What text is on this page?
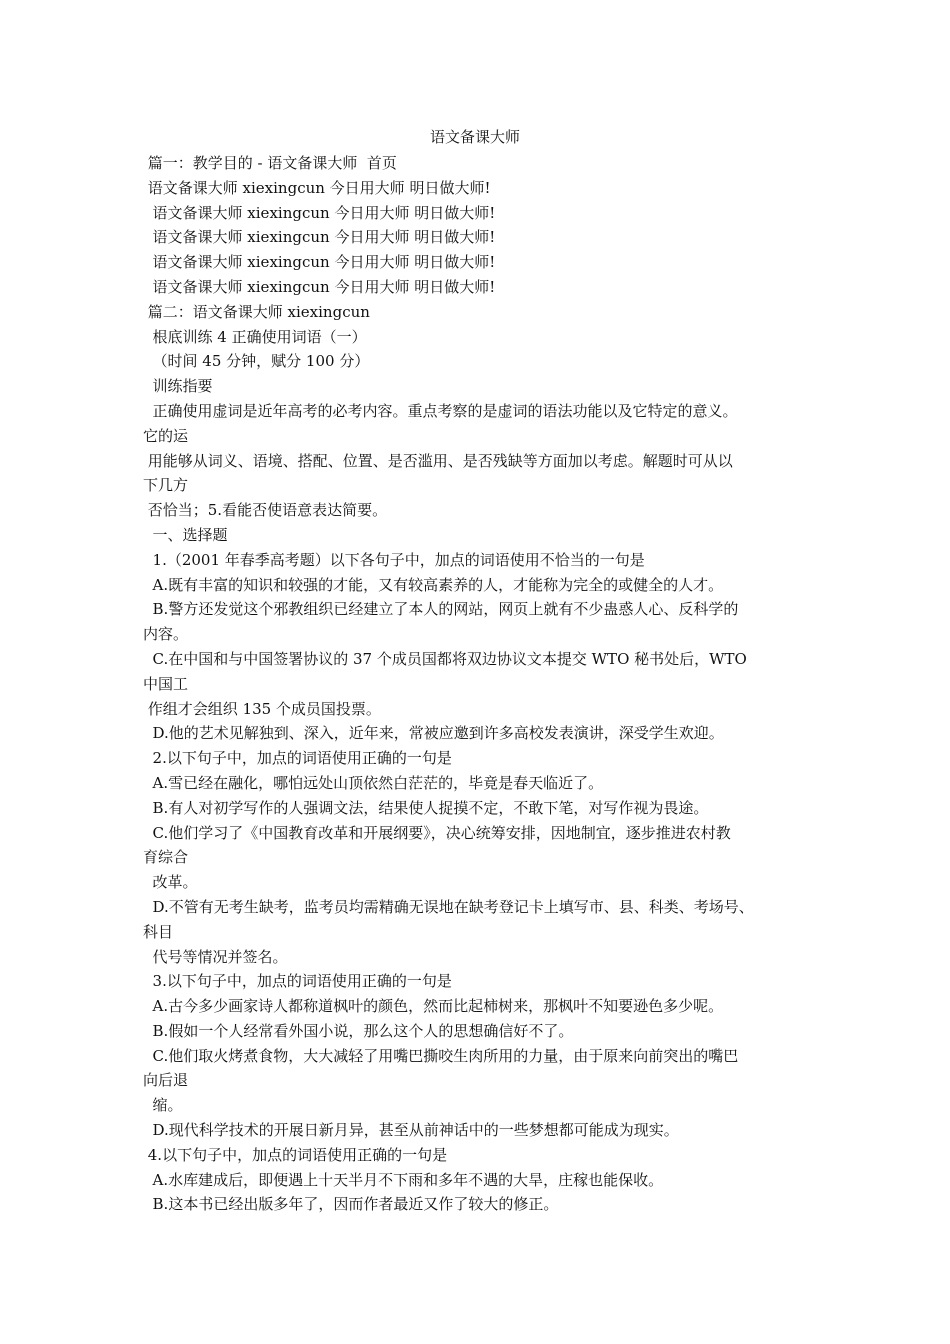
语文备课大师
篇一：教学目的 - 语文备课大师  首页
语文备课大师 xiexingcun 今日用大师 明日做大师!
语文备课大师 xiexingcun 今日用大师 明日做大师!
语文备课大师 xiexingcun 今日用大师 明日做大师!
语文备课大师 xiexingcun 今日用大师 明日做大师!
语文备课大师 xiexingcun 今日用大师 明日做大师!
篇二：语文备课大师 xiexingcun
根底训练 4 正确使用词语（一）
（时间 45 分钟，赋分 100 分）
训练指要
正确使用虚词是近年高考的必考内容。重点考察的是虚词的语法功能以及它特定的意义。
它的运
用能够从词义、语境、搭配、位置、是否滥用、是否残缺等方面加以考虑。解题时可从以
下几方
否恰当；5.看能否使语意表达简要。
一、选择题
1.（2001 年春季高考题）以下各句子中，加点的词语使用不恰当的一句是
A.既有丰富的知识和较强的才能，又有较高素养的人，才能称为完全的或健全的人才。
B.警方还发觉这个邪教组织已经建立了本人的网站，网页上就有不少蛊惑人心、反科学的
内容。
C.在中国和与中国签署协议的 37 个成员国都将双边协议文本提交 WTO 秘书处后，WTO
中国工
作组才会组织 135 个成员国投票。
D.他的艺术见解独到、深入，近年来，常被应邀到许多高校发表演讲，深受学生欢迎。
2.以下句子中，加点的词语使用正确的一句是
A.雪已经在融化，哪怕远处山顶依然白茫茫的，毕竟是春天临近了。
B.有人对初学写作的人强调文法，结果使人捉摸不定，不敢下笔，对写作视为畏途。
C.他们学习了《中国教育改革和开展纲要》，决心统筹安排，因地制宜，逐步推进农村教
育综合
改革。
D.不管有无考生缺考，监考员均需精确无误地在缺考登记卡上填写市、县、科类、考场号、
科目
代号等情况并签名。
3.以下句子中，加点的词语使用正确的一句是
A.古今多少画家诗人都称道枫叶的颜色，然而比起柿树来，那枫叶不知要逊色多少呢。
B.假如一个人经常看外国小说，那么这个人的思想确信好不了。
C.他们取火烤煮食物，大大减轻了用嘴巴撕咬生肉所用的力量，由于原来向前突出的嘴巴
向后退
缩。
D.现代科学技术的开展日新月异，甚至从前神话中的一些梦想都可能成为现实。
4.以下句子中，加点的词语使用正确的一句是
A.水库建成后，即便遇上十天半月不下雨和多年不遇的大旱，庄稼也能保收。
B.这本书已经出版多年了，因而作者最近又作了较大的修正。
